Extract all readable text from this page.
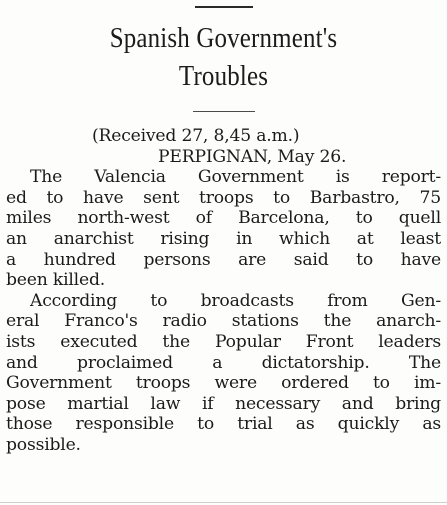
Spanish Government's
Troubles
(Received 27, 8,45 a.m.)
PERPIGNAN, May 26.
The Valencia Government is report-
ed to have sent troops to Barbastro, 75
miles north-west of Barcelona, to quell
an anarchist rising in which at least
a hundred persons are said to have
been killed.
According to broadcasts from Gen-
eral Franco's radio stations the anarch-
ists executed the Popular Front leaders
and proclaimed a dictatorship. The
Government troops were ordered to im-
pose martial law if necessary and bring
those responsible to trial as quickly as
possible.
